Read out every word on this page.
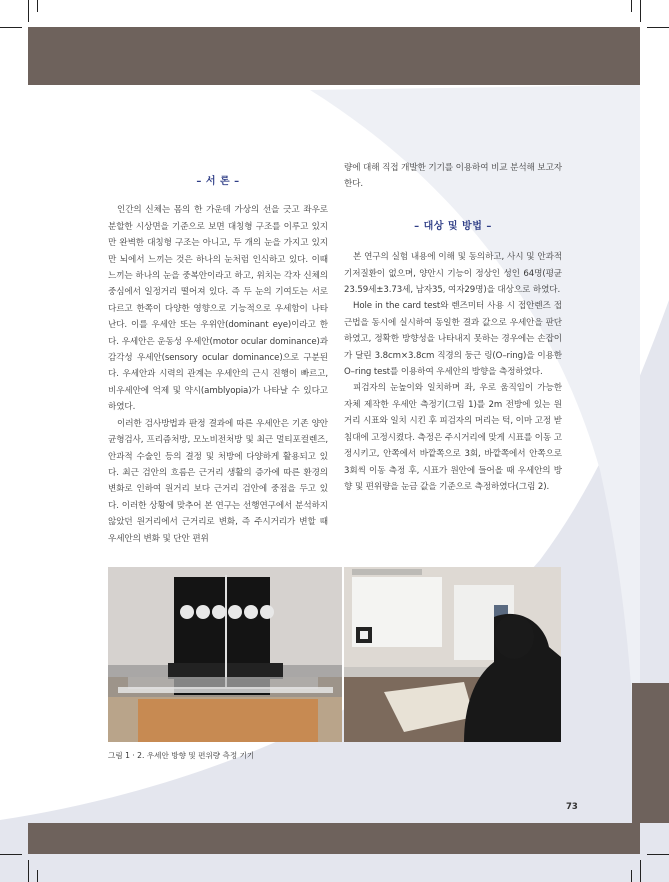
– 서 론 –

인간의 신체는 몸의 한 가운데 가상의 선을 긋고 좌우로 분할한 시상면을 기준으로 보면 대칭형 구조를 이루고 있지만 완벽한 대칭형 구조는 아니고, 두 개의 눈을 가지고 있지만 뇌에서 느끼는 것은 하나의 눈처럼 인식하고 있다. 이때 느끼는 하나의 눈을 중복안이라고 하고, 위치는 각자 신체의 중심에서 일정거리 떨어져 있다. 즉 두 눈의 기여도는 서로 다르고 한쪽이 다양한 영향으로 기능적으로 우세함이 나타난다. 이를 우세안 또는 우위안(dominant eye)이라고 한다. 우세안은 운동성 우세안(motor ocular dominance)과 감각성 우세안(sensory ocular dominance)으로 구분된다. 우세안과 시력의 관계는 우세안의 근시 진행이 빠르고, 비우세안에 억제 및 약시(amblyopia)가 나타날 수 있다고 하였다.

이러한 검사방법과 판정 결과에 따른 우세안은 기존 양안균형검사, 프리즘처방, 모노비전처방 및 최근 멀티포컬렌즈, 안과적 수술인 등의 결정 및 처방에 다양하게 활용되고 있다. 최근 검안의 흐름은 근거리 생활의 증가에 따른 환경의 변화로 인하여 원거리 보다 근거리 검안에 중점을 두고 있다. 이러한 상황에 맞추어 본 연구는 선행연구에서 분석하지 않았던 원거리에서 근거리로 변화, 즉 주시거리가 변할 때 우세안의 변화 및 단안 편위

량에 대해 직접 개발한 기기를 이용하여 비교 분석해 보고자 한다.

– 대상 및 방법 –

본 연구의 실험 내용에 이해 및 동의하고, 사시 및 안과적 기저질환이 없으며, 양안시 기능이 정상인 성인 64명(평균 23.59세±3.73세, 남자35, 여자29명)을 대상으로 하였다.

Hole in the card test와 렌즈미터 사용 시 접안렌즈 접근법을 동시에 실시하여 동일한 결과 값으로 우세안을 판단하였고, 정확한 방향성을 나타내지 못하는 경우에는 손잡이가 달린 3.8cm×3.8cm 직경의 둥근 링(O–ring)을 이용한 O–ring test를 이용하여 우세안의 방향을 측정하였다.

피검자의 눈높이와 일치하며 좌, 우로 움직임이 가능한 자체 제작한 우세안 측정기(그림 1)를 2m 전방에 있는 원거리 시표와 일치 시킨 후 피검자의 머리는 턱, 이마 고정 받침대에 고정시켰다. 측정은 주시거리에 맞게 시표를 이동 고정시키고, 안쪽에서 바깥쪽으로 3회, 바깥쪽에서 안쪽으로 3회씩 이동 측정 후, 시표가 원안에 들어올 때 우세안의 방향 및 편위량을 눈금 값을 기준으로 측정하였다(그림 2).

그림 1 · 2. 우세안 방향 및 편위량 측정 기기
73
